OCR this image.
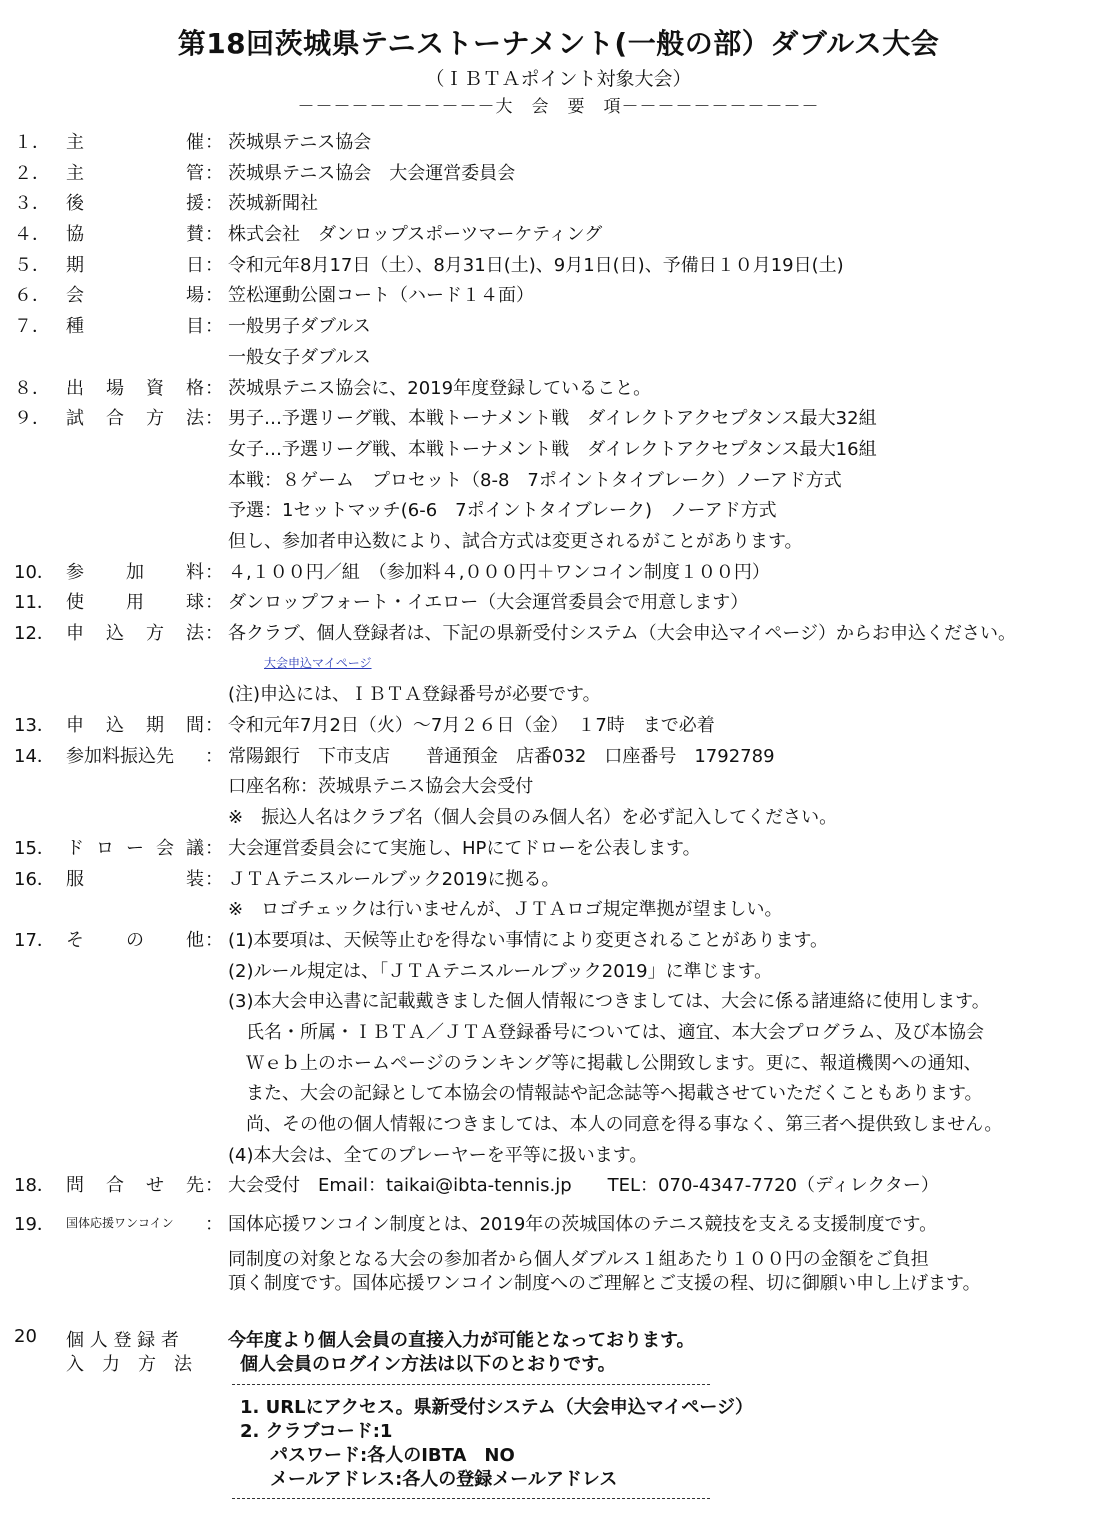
第18回茨城県テニストーナメント(一般の部）ダブルス大会
（ＩＢＴＡポイント対象大会）
－－－－－－－－－－－大　会　要　項－－－－－－－－－－－
１． 主	催 ： 茨城県テニス協会
２． 主	管 ： 茨城県テニス協会　大会運営委員会
３． 後	援 ： 茨城新聞社
４． 協	賛 ： 株式会社　ダンロップスポーツマーケティング
５． 期	日 ： 令和元年8月17日（土）、8月31日(土)、9月1日(日)、予備日１０月19日(土)
６． 会	場 ： 笠松運動公園コート（ハード１４面）
７． 種	目 ： 一般男子ダブルス
一般女子ダブルス
８． 出 場 資 格 ： 茨城県テニス協会に、2019年度登録していること。
９． 試 合 方 法 ： 男子…予選リーグ戦、本戦トーナメント戦　ダイレクトアクセプタンス最大32組
女子…予選リーグ戦、本戦トーナメント戦　ダイレクトアクセプタンス最大16組
本戦：８ゲーム　プロセット（8-8　7ポイントタイブレーク）ノーアド方式
予選：1セットマッチ(6-6　7ポイントタイブレーク)　ノーアド方式
但し、参加者申込数により、試合方式は変更されるがことがあります。
10． 参 加 料 ： ４,１００円／組　（参加料４,０００円＋ワンコイン制度１００円）
11． 使 用 球 ： ダンロップフォート・イエロー（大会運営委員会で用意します）
12． 申 込 方 法 ： 各クラブ、個人登録者は、下記の県新受付システム（大会申込マイページ）からお申込ください。
大会申込マイページ
(注)申込には、ＩＢＴＡ登録番号が必要です。
13． 申 込 期 間 ： 令和元年7月2日（火）～7月２６日（金）　１7時　まで必着
14． 参加料振込先 ： 常陽銀行　下市支店　　普通預金　店番032　口座番号　1792789
口座名称：茨城県テニス協会大会受付
※　振込人名はクラブ名（個人会員のみ個人名）を必ず記入してください。
15． ド ロ ー 会 議 ： 大会運営委員会にて実施し、HPにてドローを公表します。
16． 服	装 ： ＪＴＡテニスルールブック2019に拠る。
※　ロゴチェックは行いませんが、ＪＴＡロゴ規定準拠が望ましい。
17． そ の 他 ： (1)本要項は、天候等止むを得ない事情により変更されることがあります。
(2)ルール規定は、「ＪＴＡテニスルールブック2019」に準じます。
(3)本大会申込書に記載戴きました個人情報につきましては、大会に係る諸連絡に使用します。
　氏名・所属・ＩＢＴＡ／ＪＴＡ登録番号については、適宜、本大会プログラム、及び本協会
　Ｗｅｂ上のホームページのランキング等に掲載し公開致します。更に、報道機関への通知、
　また、大会の記録として本協会の情報誌や記念誌等へ掲載させていただくこともあります。
　尚、その他の個人情報につきましては、本人の同意を得る事なく、第三者へ提供致しません。
(4)本大会は、全てのプレーヤーを平等に扱います。
18． 問 合 せ 先 ： 大会受付　Email：taikai@ibta-tennis.jp　　TEL：070-4347-7720（ディレクター）
19． 国体応援ワンコイン ： 国体応援ワンコイン制度とは、2019年の茨城国体のテニス競技を支える支援制度です。
同制度の対象となる大会の参加者から個人ダブルス１組あたり１００円の金額をご負担
頂く制度です。国体応援ワンコイン制度へのご理解とご支援の程、切に御願い申し上げます。
20 個 人 登 録 者
入　力　方　法
今年度より個人会員の直接入力が可能となっております。
個人会員のログイン方法は以下のとおりです。
1. URLにアクセス。県新受付システム（大会申込マイページ）
2. クラブコード:1
パスワード:各人のIBTA　NO
メールアドレス:各人の登録メールアドレス
